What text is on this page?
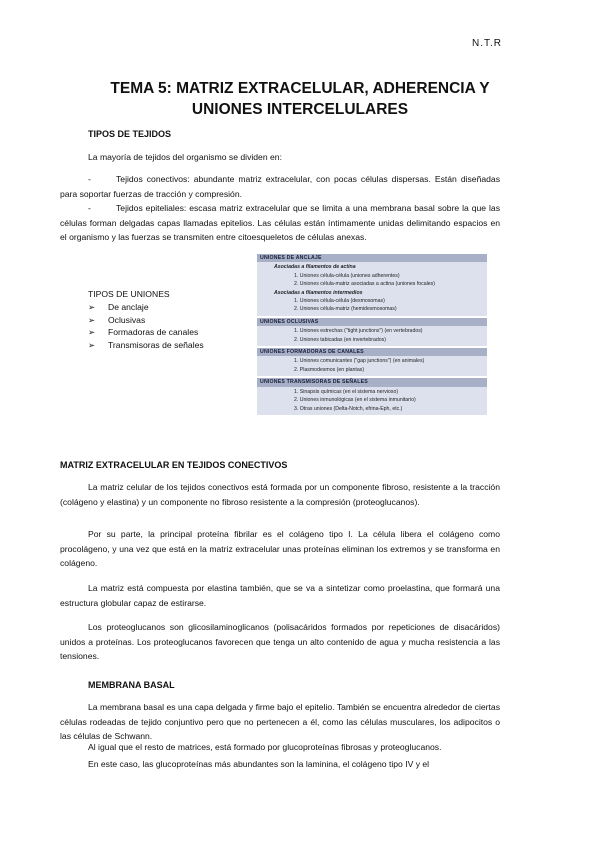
N.T.R
TEMA 5: MATRIZ EXTRACELULAR, ADHERENCIA Y
UNIONES INTERCELULARES
TIPOS DE TEJIDOS

La mayoría de tejidos del organismo se dividen en:

-	Tejidos conectivos: abundante matriz extracelular, con pocas células dispersas. Están diseñadas para soportar fuerzas de tracción y compresión.

-	Tejidos epiteliales: escasa matriz extracelular que se limita a una membrana basal sobre la que las células forman delgadas capas llamadas epitelios. Las células están íntimamente unidas delimitando espacios en el organismo y las fuerzas se transmiten entre citoesqueletos de células anexas.

TIPOS DE UNIONES
➢ De anclaje
➢ Oclusivas
➢ Formadoras de canales
➢ Transmisoras de señales
UNIONES DE ANCLAJE
Asociadas a filamentos de actina
1. Uniones célula-célula (uniones adherentes)
2. Uniones célula-matriz asociadas a actina (uniones focales)
Asociadas a filamentos intermedios
1. Uniones célula-célula (desmosomas)
2. Uniones célula-matriz (hemidesmosomas)
UNIONES OCLUSIVAS
1. Uniones estrechas ("tight junctions") (en vertebrados)
2. Uniones tabicadas (en invertebrados)
UNIONES FORMADORAS DE CANALES
1. Uniones comunicantes ("gap junctions") (en animales)
2. Plasmodesmos (en plantas)
UNIONES TRANSMISORAS DE SEÑALES
1. Sinapsis químicas (en el sistema nervioso)
2. Uniones inmunológicas (en el sistema inmunitario)
3. Otras uniones (Delta-Notch, efrina-Eph, etc.)
MATRIZ EXTRACELULAR EN TEJIDOS CONECTIVOS

La matriz celular de los tejidos conectivos está formada por un componente fibroso, resistente a la tracción (colágeno y elastina) y un componente no fibroso resistente a la compresión (proteoglucanos).

Por su parte, la principal proteína fibrilar es el colágeno tipo I. La célula libera el colágeno como procolágeno, y una vez que está en la matriz extracelular unas proteínas eliminan los extremos y se transforma en colágeno.

La matriz está compuesta por elastina también, que se va a sintetizar como proelastina, que formará una estructura globular capaz de estirarse.

Los proteoglucanos son glicosilaminoglicanos (polisacáridos formados por repeticiones de disacáridos) unidos a proteínas. Los proteoglucanos favorecen que tenga un alto contenido de agua y mucha resistencia a las tensiones.

MEMBRANA BASAL

La membrana basal es una capa delgada y firme bajo el epitelio. También se encuentra alrededor de ciertas células rodeadas de tejido conjuntivo pero que no pertenecen a él, como las células musculares, los adipocitos o las células de Schwann.

Al igual que el resto de matrices, está formado por glucoproteínas fibrosas y proteoglucanos.

En este caso, las glucoproteínas más abundantes son la laminina, el colágeno tipo IV y el
